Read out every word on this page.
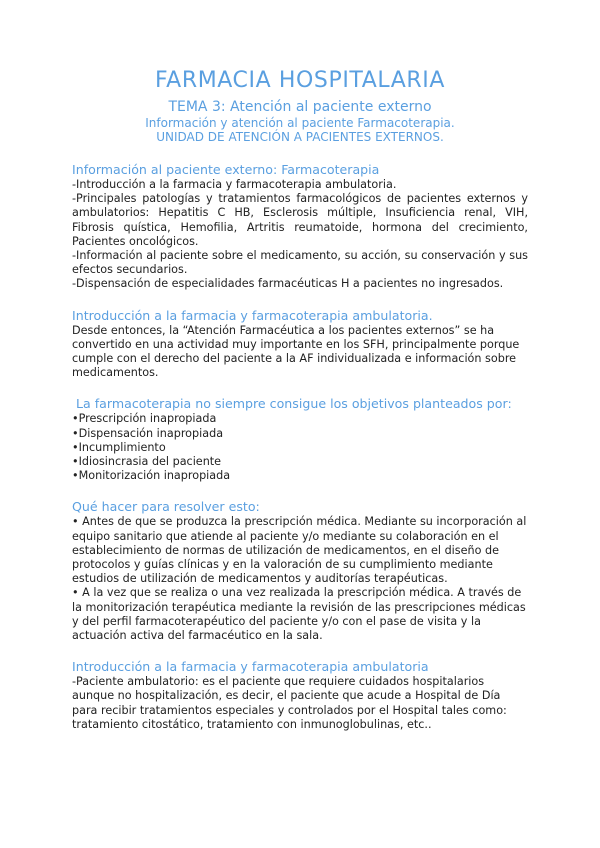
FARMACIA HOSPITALARIA
TEMA 3: Atención al paciente externo
Información y atención al paciente Farmacoterapia.
UNIDAD DE ATENCIÓN A PACIENTES EXTERNOS.
Información al paciente externo: Farmacoterapia

-Introducción a la farmacia y farmacoterapia ambulatoria.

-Principales patologías y tratamientos farmacológicos de pacientes externos y ambulatorios: Hepatitis C HB, Esclerosis múltiple, Insuficiencia renal, VIH, Fibrosis quística, Hemofilia, Artritis reumatoide, hormona del crecimiento, Pacientes oncológicos.

-Información al paciente sobre el medicamento, su acción, su conservación y sus efectos secundarios.

-Dispensación de especialidades farmacéuticas H a pacientes no ingresados.

Introducción a la farmacia y farmacoterapia ambulatoria.

Desde entonces, la “Atención Farmacéutica a los pacientes externos” se ha convertido en una actividad muy importante en los SFH, principalmente porque cumple con el derecho del paciente a la AF individualizada e información sobre medicamentos.

La farmacoterapia no siempre consigue los objetivos planteados por:
• Prescripción inapropiada
• Dispensación inapropiada
• Incumplimiento
• Idiosincrasia del paciente
• Monitorización inapropiada
Qué hacer para resolver esto:

• Antes de que se produzca la prescripción médica. Mediante su incorporación al equipo sanitario que atiende al paciente y/o mediante su colaboración en el establecimiento de normas de utilización de medicamentos, en el diseño de protocolos y guías clínicas y en la valoración de su cumplimiento mediante estudios de utilización de medicamentos y auditorías terapéuticas.

• A la vez que se realiza o una vez realizada la prescripción médica. A través de la monitorización terapéutica mediante la revisión de las prescripciones médicas y del perfil farmacoterapéutico del paciente y/o con el pase de visita y la actuación activa del farmacéutico en la sala.

Introducción a la farmacia y farmacoterapia ambulatoria

-Paciente ambulatorio: es el paciente que requiere cuidados hospitalarios aunque no hospitalización, es decir, el paciente que acude a Hospital de Día para recibir tratamientos especiales y controlados por el Hospital tales como: tratamiento citostático, tratamiento con inmunoglobulinas, etc..
